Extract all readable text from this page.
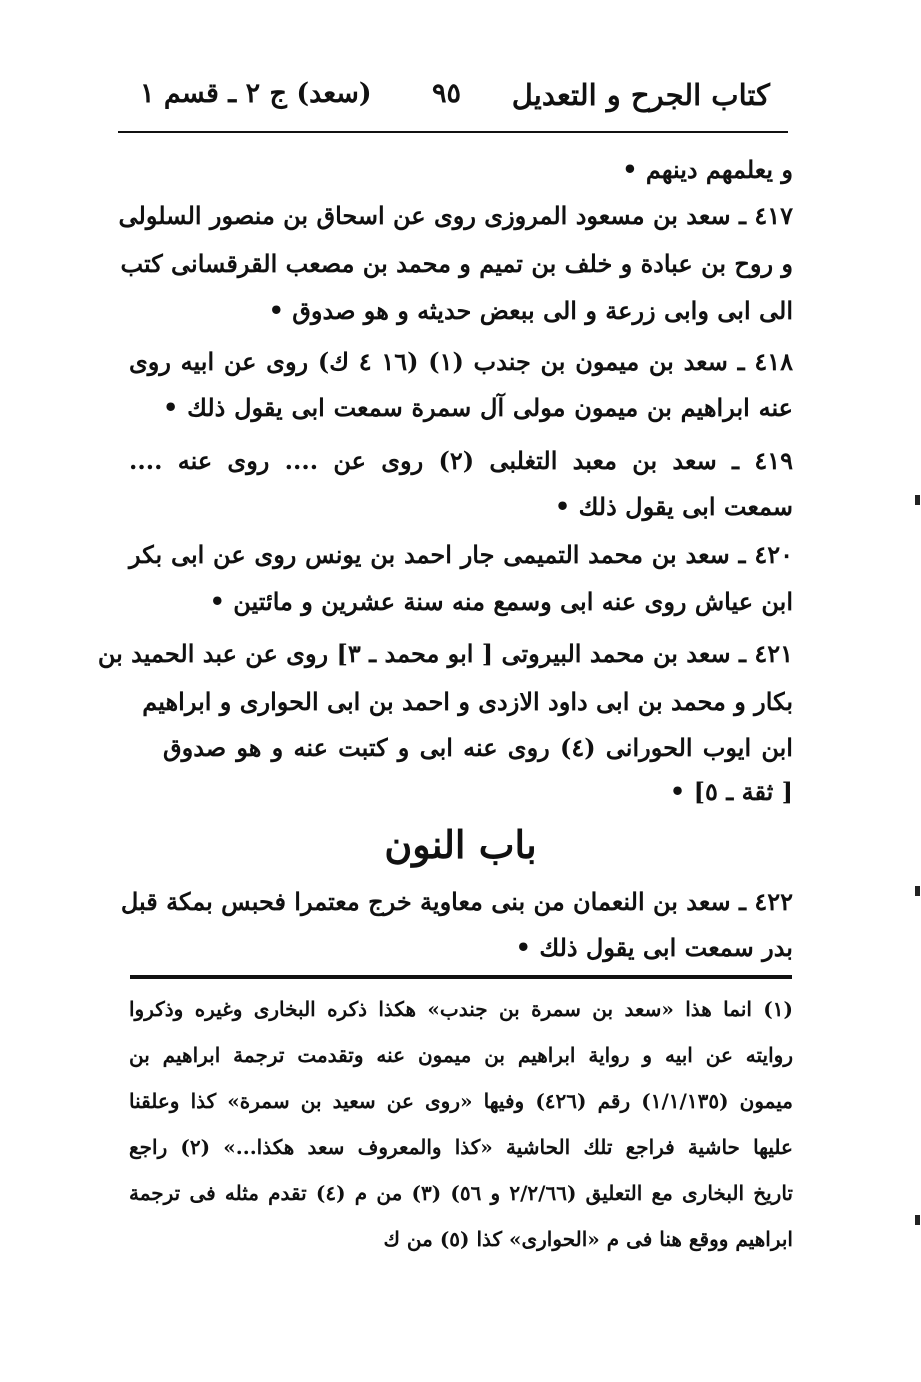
كتاب الجرح و التعديل
٩٥
(سعد) ج ٢ ـ قسم ١
و يعلمهم دينهم •
٤١٧ ـ سعد بن مسعود المروزى روى عن اسحاق بن منصور السلولى
و روح بن عبادة و خلف بن تميم و محمد بن مصعب القرقسانى كتب
الى ابى وابى زرعة و الى ببعض حديثه و هو صدوق •
٤١٨ ـ سعد بن ميمون بن جندب (١) (١٦ ٤ ك) روى عن ابيه روى
عنه ابراهيم بن ميمون مولى آل سمرة سمعت ابى يقول ذلك •
٤١٩ ـ سعد بن معبد التغلبى (٢) روى عن .... روى عنه ....
سمعت ابى يقول ذلك •
٤٢٠ ـ سعد بن محمد التميمى جار احمد بن يونس روى عن ابى بكر
ابن عياش روى عنه ابى وسمع منه سنة عشرين و مائتين •
٤٢١ ـ سعد بن محمد البيروتى [ ابو محمد ـ ٣] روى عن عبد الحميد بن
بكار و محمد بن ابى داود الازدى و احمد بن ابى الحوارى و ابراهيم
ابن ايوب الحورانى (٤) روى عنه ابى و كتبت عنه و هو صدوق
[ ثقة ـ ٥] •
باب النون
٤٢٢ ـ سعد بن النعمان من بنى معاوية خرج معتمرا فحبس بمكة قبل
بدر سمعت ابى يقول ذلك •
(١) انما هذا «سعد بن سمرة بن جندب» هكذا ذكره البخارى وغيره وذكروا
روايته عن ابيه و رواية ابراهيم بن ميمون عنه وتقدمت ترجمة ابراهيم بن
ميمون (١/١/١٣٥) رقم (٤٢٦) وفيها «روى عن سعيد بن سمرة» كذا وعلقنا
عليها حاشية فراجع تلك الحاشية «كذا والمعروف سعد هكذا...» (٢) راجع
تاريخ البخارى مع التعليق (٢/٢/٦٦ و ٥٦) (٣) من م (٤) تقدم مثله فى ترجمة
ابراهيم ووقع هنا فى م «الحوارى» كذا (٥) من ك
